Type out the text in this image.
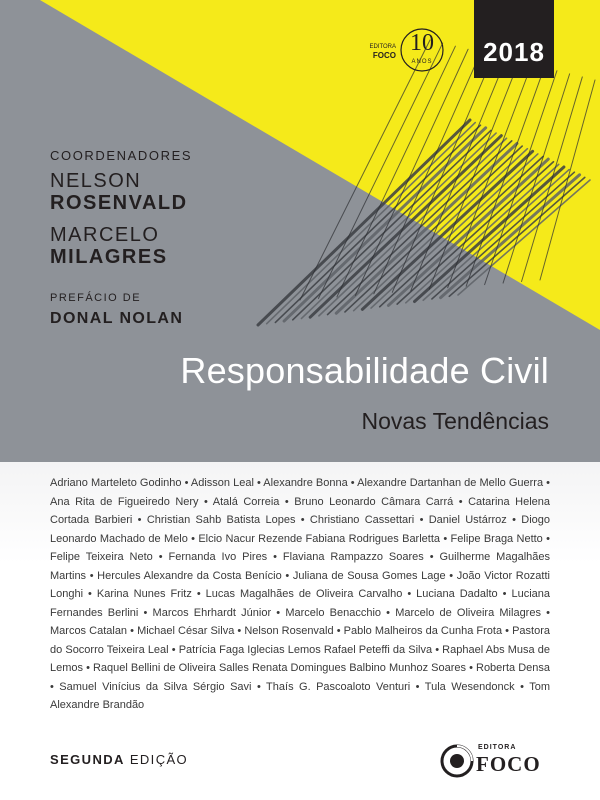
2018
EDITORA
FOCO 10
ANOS
COORDENADORES
NELSON
ROSENVALD
MARCELO
MILAGRES
PREFÁCIO DE
DONAL NOLAN
Responsabilidade Civil
Novas Tendências

Adriano Marteleto Godinho • Adisson Leal • Alexandre Bonna • Alexandre Dartanhan de Mello Guerra • Ana Rita de Figueiredo Nery • Atalá Correia • Bruno Leonardo Câmara Carrá • Catarina Helena Cortada Barbieri • Christian Sahb Batista Lopes • Christiano Cassettari • Daniel Ustárroz • Diogo Leonardo Machado de Melo • Elcio Nacur Rezende Fabiana Rodrigues Barletta • Felipe Braga Netto • Felipe Teixeira Neto • Fernanda Ivo Pires • Flaviana Rampazzo Soares • Guilherme Magalhães Martins • Hercules Alexandre da Costa Benício • Juliana de Sousa Gomes Lage • João Victor Rozatti Longhi • Karina Nunes Fritz • Lucas Magalhães de Oliveira Carvalho • Luciana Dadalto • Luciana Fernandes Berlini • Marcos Ehrhardt Júnior • Marcelo Benacchio • Marcelo de Oliveira Milagres • Marcos Catalan • Michael César Silva • Nelson Rosenvald • Pablo Malheiros da Cunha Frota • Pastora do Socorro Teixeira Leal • Patrícia Faga Iglecias Lemos Rafael Peteffi da Silva • Raphael Abs Musa de Lemos • Raquel Bellini de Oliveira Salles Renata Domingues Balbino Munhoz Soares • Roberta Densa • Samuel Vinícius da Silva Sérgio Savi • Thaís G. Pascoaloto Venturi • Tula Wesendonck • Tom Alexandre Brandão

SEGUNDA EDIÇÃO
EDITORA
FOCO
